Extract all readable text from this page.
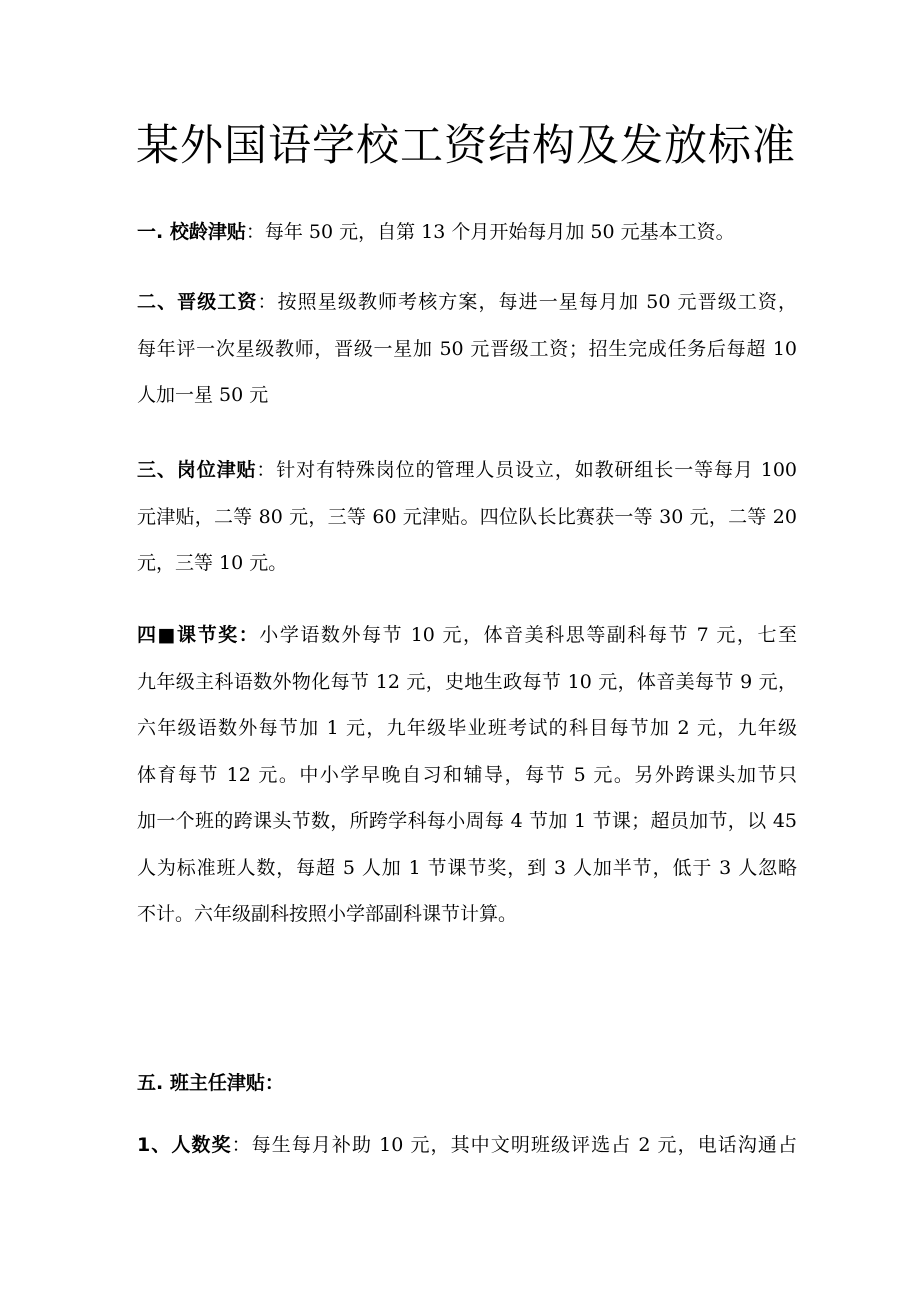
某外国语学校工资结构及发放标准
一. 校龄津贴：每年 50 元，自第 13 个月开始每月加 50 元基本工资。
二、晋级工资：按照星级教师考核方案，每进一星每月加 50 元晋级工资，
每年评一次星级教师，晋级一星加 50 元晋级工资；招生完成任务后每超 10
人加一星 50 元
三、岗位津贴：针对有特殊岗位的管理人员设立，如教研组长一等每月 100
元津贴，二等 80 元，三等 60 元津贴。四位队长比赛获一等 30 元，二等 20
元，三等 10 元。
四■课节奖：小学语数外每节 10 元，体音美科思等副科每节 7 元，七至
九年级主科语数外物化每节 12 元，史地生政每节 10 元，体音美每节 9 元，
六年级语数外每节加 1 元，九年级毕业班考试的科目每节加 2 元，九年级
体育每节 12 元。中小学早晚自习和辅导，每节 5 元。另外跨课头加节只
加一个班的跨课头节数，所跨学科每小周每 4 节加 1 节课；超员加节，以 45
人为标准班人数，每超 5 人加 1 节课节奖，到 3 人加半节，低于 3 人忽略
不计。六年级副科按照小学部副科课节计算。
五. 班主任津贴：
1、人数奖：每生每月补助 10 元，其中文明班级评选占 2 元，电话沟通占
